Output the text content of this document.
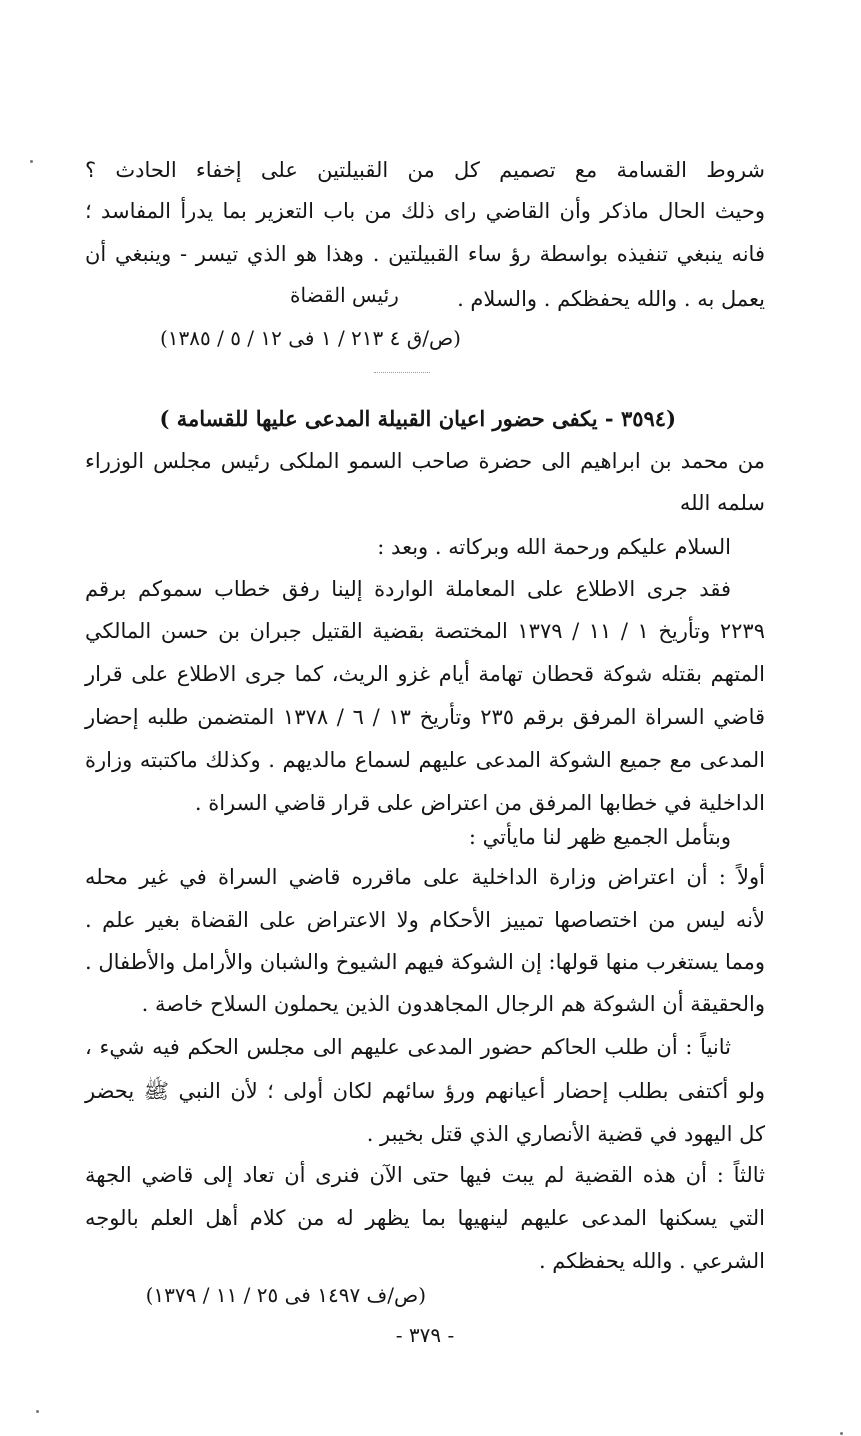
شروط القسامة مع تصميم كل من القبيلتين على إخفاء الحادث ؟
وحيث الحال ماذكر وأن القاضي راى ذلك من باب التعزير بما يدرأ المفاسد ؛
فانه ينبغي تنفيذه بواسطة رؤ ساء القبيلتين . وهذا هو الذي تيسر - وينبغي أن
يعمل به . والله يحفظكم . والسلام .
رئيس القضاة
(ص/ق ٤ ٢١٣ / ١ فى ١٢ / ٥ / ١٣٨٥)
(٣٥٩٤ - يكفى حضور اعيان القبيلة المدعى عليها للقسامة )
من محمد بن ابراهيم الى حضرة صاحب السمو الملكى رئيس مجلس الوزراء
سلمه الله
السلام عليكم ورحمة الله وبركاته . وبعد :
فقد جرى الاطلاع على المعاملة الواردة إلينا رفق خطاب سموكم برقم
٢٢٣٩ وتأريخ ١ / ١١ / ١٣٧٩ المختصة بقضية القتيل جبران بن حسن المالكي
المتهم بقتله شوكة قحطان تهامة أيام غزو الريث، كما جرى الاطلاع على قرار
قاضي السراة المرفق برقم ٢٣٥ وتأريخ ١٣ / ٦ / ١٣٧٨ المتضمن طلبه إحضار
المدعى مع جميع الشوكة المدعى عليهم لسماع مالديهم . وكذلك ماكتبته وزارة
الداخلية في خطابها المرفق من اعتراض على قرار قاضي السراة .
وبتأمل الجميع ظهر لنا مايأتي :
أولاً : أن اعتراض وزارة الداخلية على ماقرره قاضي السراة في غير محله
لأنه ليس من اختصاصها تمييز الأحكام ولا الاعتراض على القضاة بغير علم .
ومما يستغرب منها قولها: إن الشوكة فيهم الشيوخ والشبان والأرامل والأطفال .
والحقيقة أن الشوكة هم الرجال المجاهدون الذين يحملون السلاح خاصة .
ثانياً : أن طلب الحاكم حضور المدعى عليهم الى مجلس الحكم فيه شيء ،
ولو أكتفى بطلب إحضار أعيانهم ورؤ سائهم لكان أولى ؛ لأن النبي ﷺ يحضر
كل اليهود في قضية الأنصاري الذي قتل بخيبر .
ثالثاً : أن هذه القضية لم يبت فيها حتى الآن فنرى أن تعاد إلى قاضي الجهة
التي يسكنها المدعى عليهم لينهيها بما يظهر له من كلام أهل العلم بالوجه
الشرعي . والله يحفظكم .
(ص/ف ١٤٩٧ فى ٢٥ / ١١ / ١٣٧٩)
- ٣٧٩ -
